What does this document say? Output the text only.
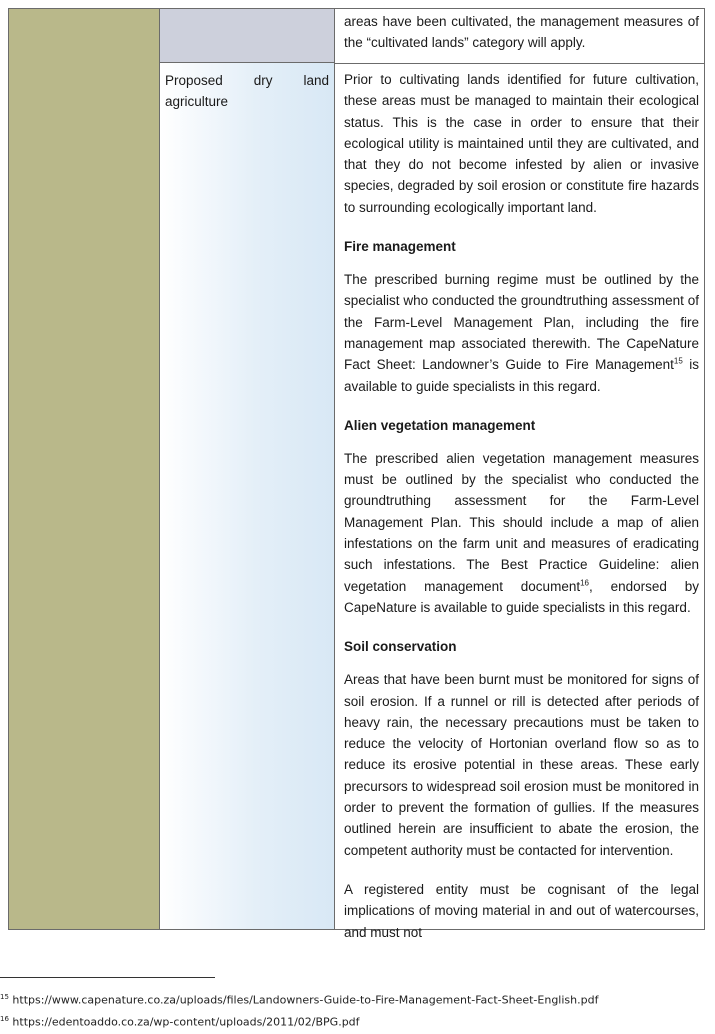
Proposed dry land
agriculture
areas have been cultivated, the management measures of the “cultivated lands” category will apply.

Prior to cultivating lands identified for future cultivation, these areas must be managed to maintain their ecological status. This is the case in order to ensure that their ecological utility is maintained until they are cultivated, and that they do not become infested by alien or invasive species, degraded by soil erosion or constitute fire hazards to surrounding ecologically important land.

Fire management

The prescribed burning regime must be outlined by the specialist who conducted the groundtruthing assessment of the Farm-Level Management Plan, including the fire management map associated therewith. The CapeNature Fact Sheet: Landowner’s Guide to Fire Management$^{15}$ is available to guide specialists in this regard.

Alien vegetation management

The prescribed alien vegetation management measures must be outlined by the specialist who conducted the groundtruthing assessment for the Farm-Level Management Plan. This should include a map of alien infestations on the farm unit and measures of eradicating such infestations. The Best Practice Guideline: alien vegetation management document$^{16}$, endorsed by CapeNature is available to guide specialists in this regard.

Soil conservation

Areas that have been burnt must be monitored for signs of soil erosion. If a runnel or rill is detected after periods of heavy rain, the necessary precautions must be taken to reduce the velocity of Hortonian overland flow so as to reduce its erosive potential in these areas. These early precursors to widespread soil erosion must be monitored in order to prevent the formation of gullies. If the measures outlined herein are insufficient to abate the erosion, the competent authority must be contacted for intervention.

A registered entity must be cognisant of the legal implications of moving material in and out of watercourses, and must not

$^{15}$ https://www.capenature.co.za/uploads/files/Landowners-Guide-to-Fire-Management-Fact-Sheet-English.pdf
$^{16}$ https://edentoaddo.co.za/wp-content/uploads/2011/02/BPG.pdf
